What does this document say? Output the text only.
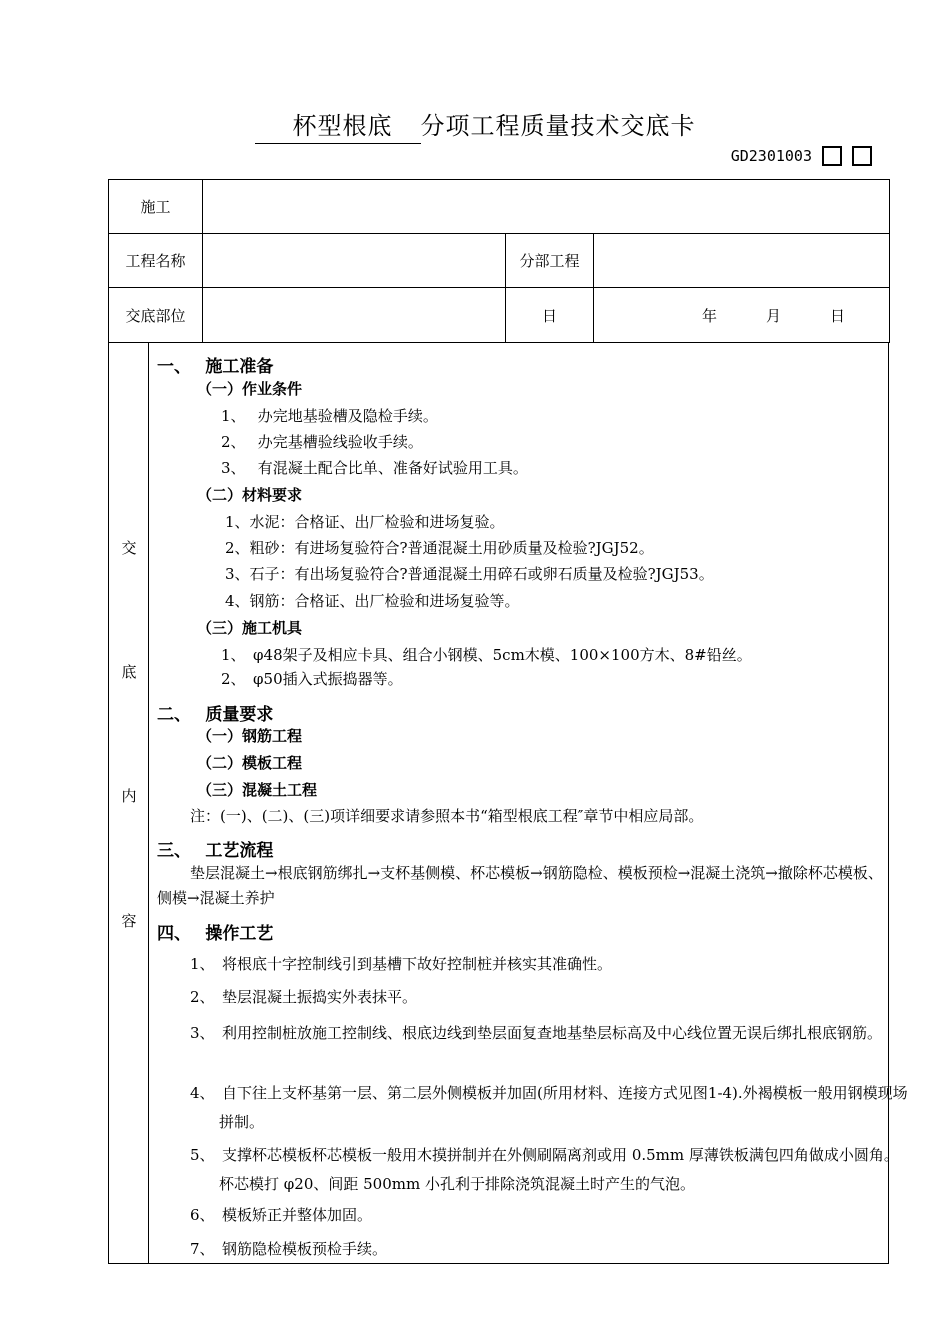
杯型根底 分项工程质量技术交底卡
GD2301003
施工			
工程名称		分部工程	
交底部位		日	年 月 日
交
底
内
容
一、　 施工准备
（一）作业条件
1、　 办完地基验槽及隐检手续。
2、　 办完基槽验线验收手续。
3、　 有混凝土配合比单、准备好试验用工具。
（二）材料要求
1、水泥：合格证、出厂检验和进场复验。
2、粗砂：有进场复验符合?普通混凝土用砂质量及检验?JGJ52。
3、石子：有出场复验符合?普通混凝土用碎石或卵石质量及检验?JGJ53。
4、钢筋：合格证、出厂检验和进场复验等。
（三）施工机具
1、　φ48架子及相应卡具、组合小钢模、5cm木模、100×100方木、8#铅丝。
2、　φ50插入式振捣器等。
二、　 质量要求
（一）钢筋工程
（二）模板工程
（三）混凝土工程
注：(一)、(二)、(三)项详细要求请参照本书“箱型根底工程″章节中相应局部。
三、　 工艺流程
垫层混凝土→根底钢筋绑扎→支杯基侧模、杯芯模板→钢筋隐检、模板预检→混凝土浇筑→撤除杯芯模板、侧模→混凝土养护
四、　 操作工艺
1、　将根底十字控制线引到基槽下故好控制桩并核实其准确性。
2、　垫层混凝土振捣实外表抹平。
3、　利用控制桩放施工控制线、根底边线到垫层面复查地基垫层标高及中心线位置无误后绑扎根底钢筋。
4、　自下往上支杯基第一层、第二层外侧模板并加固(所用材料、连接方式见图1-4).外褐模板一般用钢模现场拼制。
5、　支撑杯芯模板杯芯模板一般用木摸拼制并在外侧刷隔离剂或用 0.5mm 厚薄铁板满包四角做成小圆角。杯芯模打 φ20、间距 500mm 小孔利于排除浇筑混凝土时产生的气泡。
6、　模板矫正并整体加固。
7、　钢筋隐检模板预检手续。
